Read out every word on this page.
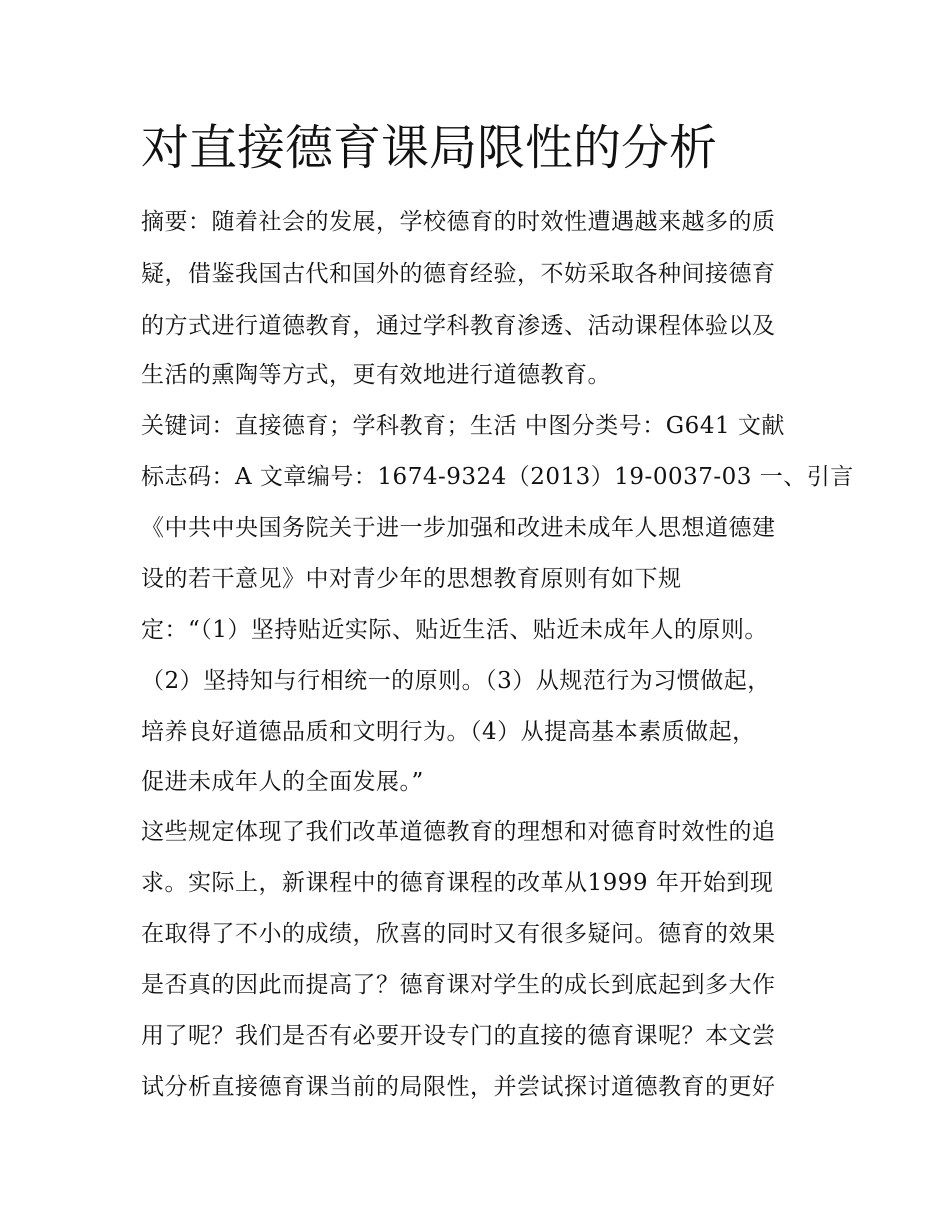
对直接德育课局限性的分析
摘要：随着社会的发展，学校德育的时效性遭遇越来越多的质
疑，借鉴我国古代和国外的德育经验，不妨采取各种间接德育
的方式进行道德教育，通过学科教育渗透、活动课程体验以及
生活的熏陶等方式，更有效地进行道德教育。
关键词：直接德育；学科教育；生活 中图分类号：G641 文献
标志码：A 文章编号：1674-9324（2013）19-0037-03 一、引言
《中共中央国务院关于进一步加强和改进未成年人思想道德建
设的若干意见》中对青少年的思想教育原则有如下规
定：“（1）坚持贴近实际、贴近生活、贴近未成年人的原则。
（2）坚持知与行相统一的原则。（3）从规范行为习惯做起，
培养良好道德品质和文明行为。（4）从提高基本素质做起，
促进未成年人的全面发展。”
这些规定体现了我们改革道德教育的理想和对德育时效性的追
求。实际上，新课程中的德育课程的改革从1999 年开始到现
在取得了不小的成绩，欣喜的同时又有很多疑问。德育的效果
是否真的因此而提高了？德育课对学生的成长到底起到多大作
用了呢？我们是否有必要开设专门的直接的德育课呢？本文尝
试分析直接德育课当前的局限性，并尝试探讨道德教育的更好
